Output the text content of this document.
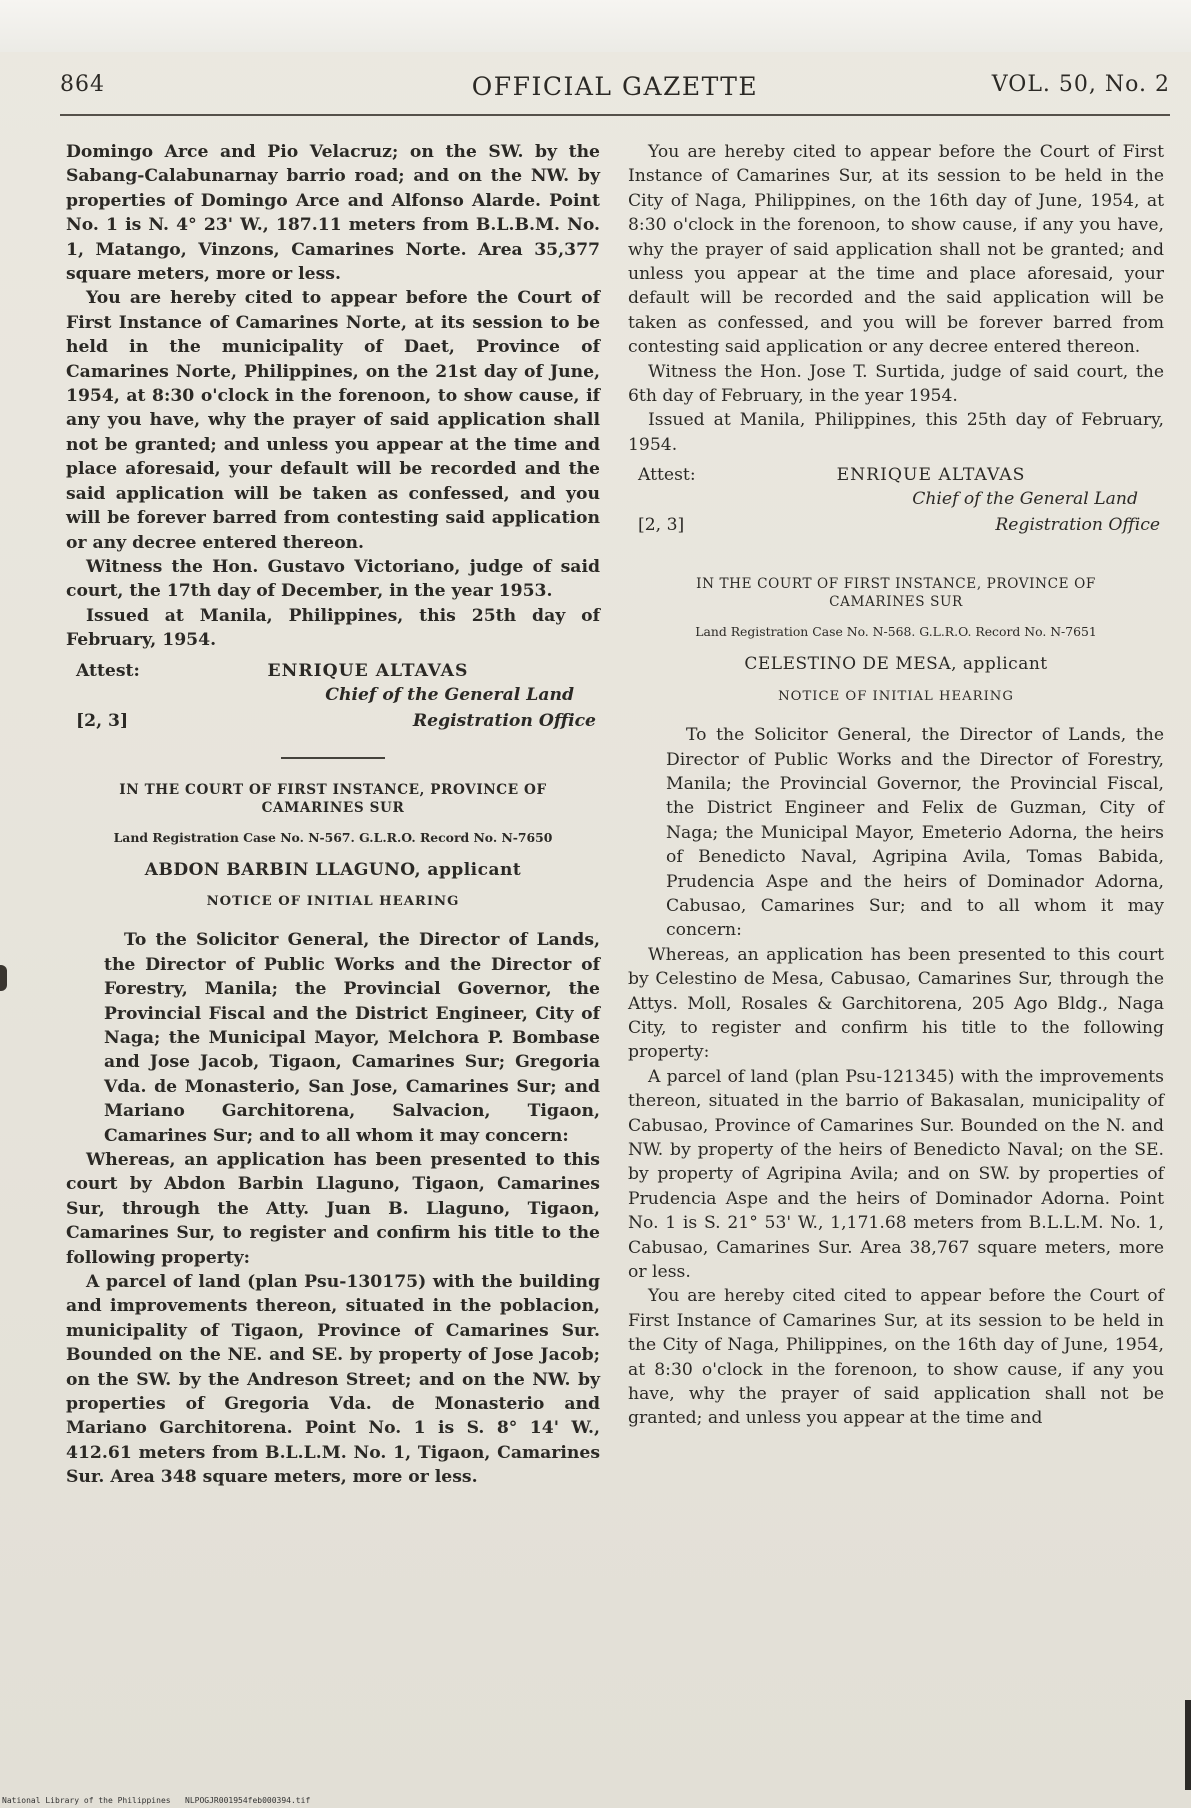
864	OFFICIAL GAZETTE	VOL. 50, No. 2

Domingo Arce and Pio Velacruz; on the SW. by the Sabang-Calabunarnay barrio road; and on the NW. by properties of Domingo Arce and Alfonso Alarde. Point No. 1 is N. 4° 23' W., 187.11 meters from B.L.B.M. No. 1, Matango, Vinzons, Camarines Norte. Area 35,377 square meters, more or less.

You are hereby cited to appear before the Court of First Instance of Camarines Norte, at its session to be held in the municipality of Daet, Province of Camarines Norte, Philippines, on the 21st day of June, 1954, at 8:30 o'clock in the forenoon, to show cause, if any you have, why the prayer of said application shall not be granted; and unless you appear at the time and place aforesaid, your default will be recorded and the said application will be taken as confessed, and you will be forever barred from contesting said application or any decree entered thereon.

Witness the Hon. Gustavo Victoriano, judge of said court, the 17th day of December, in the year 1953.

Issued at Manila, Philippines, this 25th day of February, 1954.

Attest:	ENRIQUE ALTAVAS
Chief of the General Land
[2, 3]	Registration Office
IN THE COURT OF FIRST INSTANCE, PROVINCE OF CAMARINES SUR
Land Registration Case No. N-567. G.L.R.O. Record No. N-7650
ABDON BARBIN LLAGUNO, applicant
NOTICE OF INITIAL HEARING

To the Solicitor General, the Director of Lands, the Director of Public Works and the Director of Forestry, Manila; the Provincial Governor, the Provincial Fiscal and the District Engineer, City of Naga; the Municipal Mayor, Melchora P. Bombase and Jose Jacob, Tigaon, Camarines Sur; Gregoria Vda. de Monasterio, San Jose, Camarines Sur; and Mariano Garchitorena, Salvacion, Tigaon, Camarines Sur; and to all whom it may concern:

Whereas, an application has been presented to this court by Abdon Barbin Llaguno, Tigaon, Camarines Sur, through the Atty. Juan B. Llaguno, Tigaon, Camarines Sur, to register and confirm his title to the following property:

A parcel of land (plan Psu-130175) with the building and improvements thereon, situated in the poblacion, municipality of Tigaon, Province of Camarines Sur. Bounded on the NE. and SE. by property of Jose Jacob; on the SW. by the Andreson Street; and on the NW. by properties of Gregoria Vda. de Monasterio and Mariano Garchitorena. Point No. 1 is S. 8° 14' W., 412.61 meters from B.L.L.M. No. 1, Tigaon, Camarines Sur. Area 348 square meters, more or less.

You are hereby cited to appear before the Court of First Instance of Camarines Sur, at its session to be held in the City of Naga, Philippines, on the 16th day of June, 1954, at 8:30 o'clock in the forenoon, to show cause, if any you have, why the prayer of said application shall not be granted; and unless you appear at the time and place aforesaid, your default will be recorded and the said application will be taken as confessed, and you will be forever barred from contesting said application or any decree entered thereon.

Witness the Hon. Jose T. Surtida, judge of said court, the 6th day of February, in the year 1954.

Issued at Manila, Philippines, this 25th day of February, 1954.

Attest:	ENRIQUE ALTAVAS
Chief of the General Land
[2, 3]	Registration Office
IN THE COURT OF FIRST INSTANCE, PROVINCE OF CAMARINES SUR
Land Registration Case No. N-568. G.L.R.O. Record No. N-7651
CELESTINO DE MESA, applicant
NOTICE OF INITIAL HEARING

To the Solicitor General, the Director of Lands, the Director of Public Works and the Director of Forestry, Manila; the Provincial Governor, the Provincial Fiscal, the District Engineer and Felix de Guzman, City of Naga; the Municipal Mayor, Emeterio Adorna, the heirs of Benedicto Naval, Agripina Avila, Tomas Babida, Prudencia Aspe and the heirs of Dominador Adorna, Cabusao, Camarines Sur; and to all whom it may concern:

Whereas, an application has been presented to this court by Celestino de Mesa, Cabusao, Camarines Sur, through the Attys. Moll, Rosales & Garchitorena, 205 Ago Bldg., Naga City, to register and confirm his title to the following property:

A parcel of land (plan Psu-121345) with the improvements thereon, situated in the barrio of Bakasalan, municipality of Cabusao, Province of Camarines Sur. Bounded on the N. and NW. by property of the heirs of Benedicto Naval; on the SE. by property of Agripina Avila; and on SW. by properties of Prudencia Aspe and the heirs of Dominador Adorna. Point No. 1 is S. 21° 53' W., 1,171.68 meters from B.L.L.M. No. 1, Cabusao, Camarines Sur. Area 38,767 square meters, more or less.

You are hereby cited cited to appear before the Court of First Instance of Camarines Sur, at its session to be held in the City of Naga, Philippines, on the 16th day of June, 1954, at 8:30 o'clock in the forenoon, to show cause, if any you have, why the prayer of said application shall not be granted; and unless you appear at the time and

National Library of the Philippines NLPOGJR001954feb000394.tif
